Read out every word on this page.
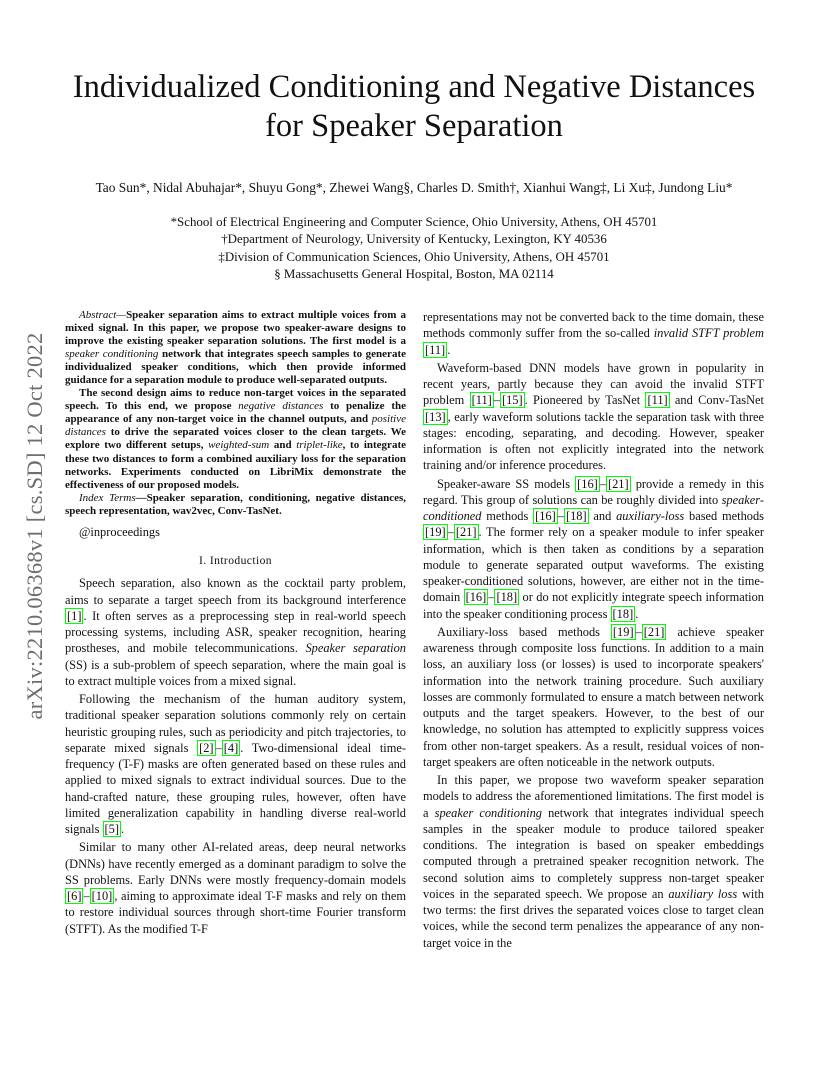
Individualized Conditioning and Negative Distances
for Speaker Separation
Tao Sun*, Nidal Abuhajar*, Shuyu Gong*, Zhewei Wang§, Charles D. Smith†, Xianhui Wang‡, Li Xu‡, Jundong Liu*
*School of Electrical Engineering and Computer Science, Ohio University, Athens, OH 45701
†Department of Neurology, University of Kentucky, Lexington, KY 40536
‡Division of Communication Sciences, Ohio University, Athens, OH 45701
§ Massachusetts General Hospital, Boston, MA 02114
arXiv:2210.06368v1 [cs.SD] 12 Oct 2022

Abstract—Speaker separation aims to extract multiple voices from a mixed signal. In this paper, we propose two speaker-aware designs to improve the existing speaker separation solutions. The first model is a speaker conditioning network that integrates speech samples to generate individualized speaker conditions, which then provide informed guidance for a separation module to produce well-separated outputs.

The second design aims to reduce non-target voices in the separated speech. To this end, we propose negative distances to penalize the appearance of any non-target voice in the channel outputs, and positive distances to drive the separated voices closer to the clean targets. We explore two different setups, weighted-sum and triplet-like, to integrate these two distances to form a combined auxiliary loss for the separation networks. Experiments conducted on LibriMix demonstrate the effectiveness of our proposed models.

Index Terms—Speaker separation, conditioning, negative distances, speech representation, wav2vec, Conv-TasNet.

@inproceedings

I. Introduction

Speech separation, also known as the cocktail party problem, aims to separate a target speech from its background interference [1] . It often serves as a preprocessing step in real-world speech processing systems, including ASR, speaker recognition, hearing prostheses, and mobile telecommunications. Speaker separation (SS) is a sub-problem of speech separation, where the main goal is to extract multiple voices from a mixed signal.

Following the mechanism of the human auditory system, traditional speaker separation solutions commonly rely on certain heuristic grouping rules, such as periodicity and pitch trajectories, to separate mixed signals [2] – [4] . Two-dimensional ideal time-frequency (T-F) masks are often generated based on these rules and applied to mixed signals to extract individual sources. Due to the hand-crafted nature, these grouping rules, however, often have limited generalization capability in handling diverse real-world signals [5] .

Similar to many other AI-related areas, deep neural networks (DNNs) have recently emerged as a dominant paradigm to solve the SS problems. Early DNNs were mostly frequency-domain models [6] – [10] , aiming to approximate ideal T-F masks and rely on them to restore individual sources through short-time Fourier transform (STFT). As the modified T-F

representations may not be converted back to the time domain, these methods commonly suffer from the so-called invalid STFT problem [11] .

Waveform-based DNN models have grown in popularity in recent years, partly because they can avoid the invalid STFT problem [11] – [15] . Pioneered by TasNet [11] and Conv-TasNet [13] , early waveform solutions tackle the separation task with three stages: encoding, separating, and decoding. However, speaker information is often not explicitly integrated into the network training and/or inference procedures.

Speaker-aware SS models [16] – [21] provide a remedy in this regard. This group of solutions can be roughly divided into speaker-conditioned methods [16] – [18] and auxiliary-loss based methods [19] – [21] . The former rely on a speaker module to infer speaker information, which is then taken as conditions by a separation module to generate separated output waveforms. The existing speaker-conditioned solutions, however, are either not in the time-domain [16] – [18] or do not explicitly integrate speech information into the speaker conditioning process [18] .

Auxiliary-loss based methods [19] – [21] achieve speaker awareness through composite loss functions. In addition to a main loss, an auxiliary loss (or losses) is used to incorporate speakers' information into the network training procedure. Such auxiliary losses are commonly formulated to ensure a match between network outputs and the target speakers. However, to the best of our knowledge, no solution has attempted to explicitly suppress voices from other non-target speakers. As a result, residual voices of non-target speakers are often noticeable in the network outputs.

In this paper, we propose two waveform speaker separation models to address the aforementioned limitations. The first model is a speaker conditioning network that integrates individual speech samples in the speaker module to produce tailored speaker conditions. The integration is based on speaker embeddings computed through a pretrained speaker recognition network. The second solution aims to completely suppress non-target speaker voices in the separated speech. We propose an auxiliary loss with two terms: the first drives the separated voices close to target clean voices, while the second term penalizes the appearance of any non-target voice in the
